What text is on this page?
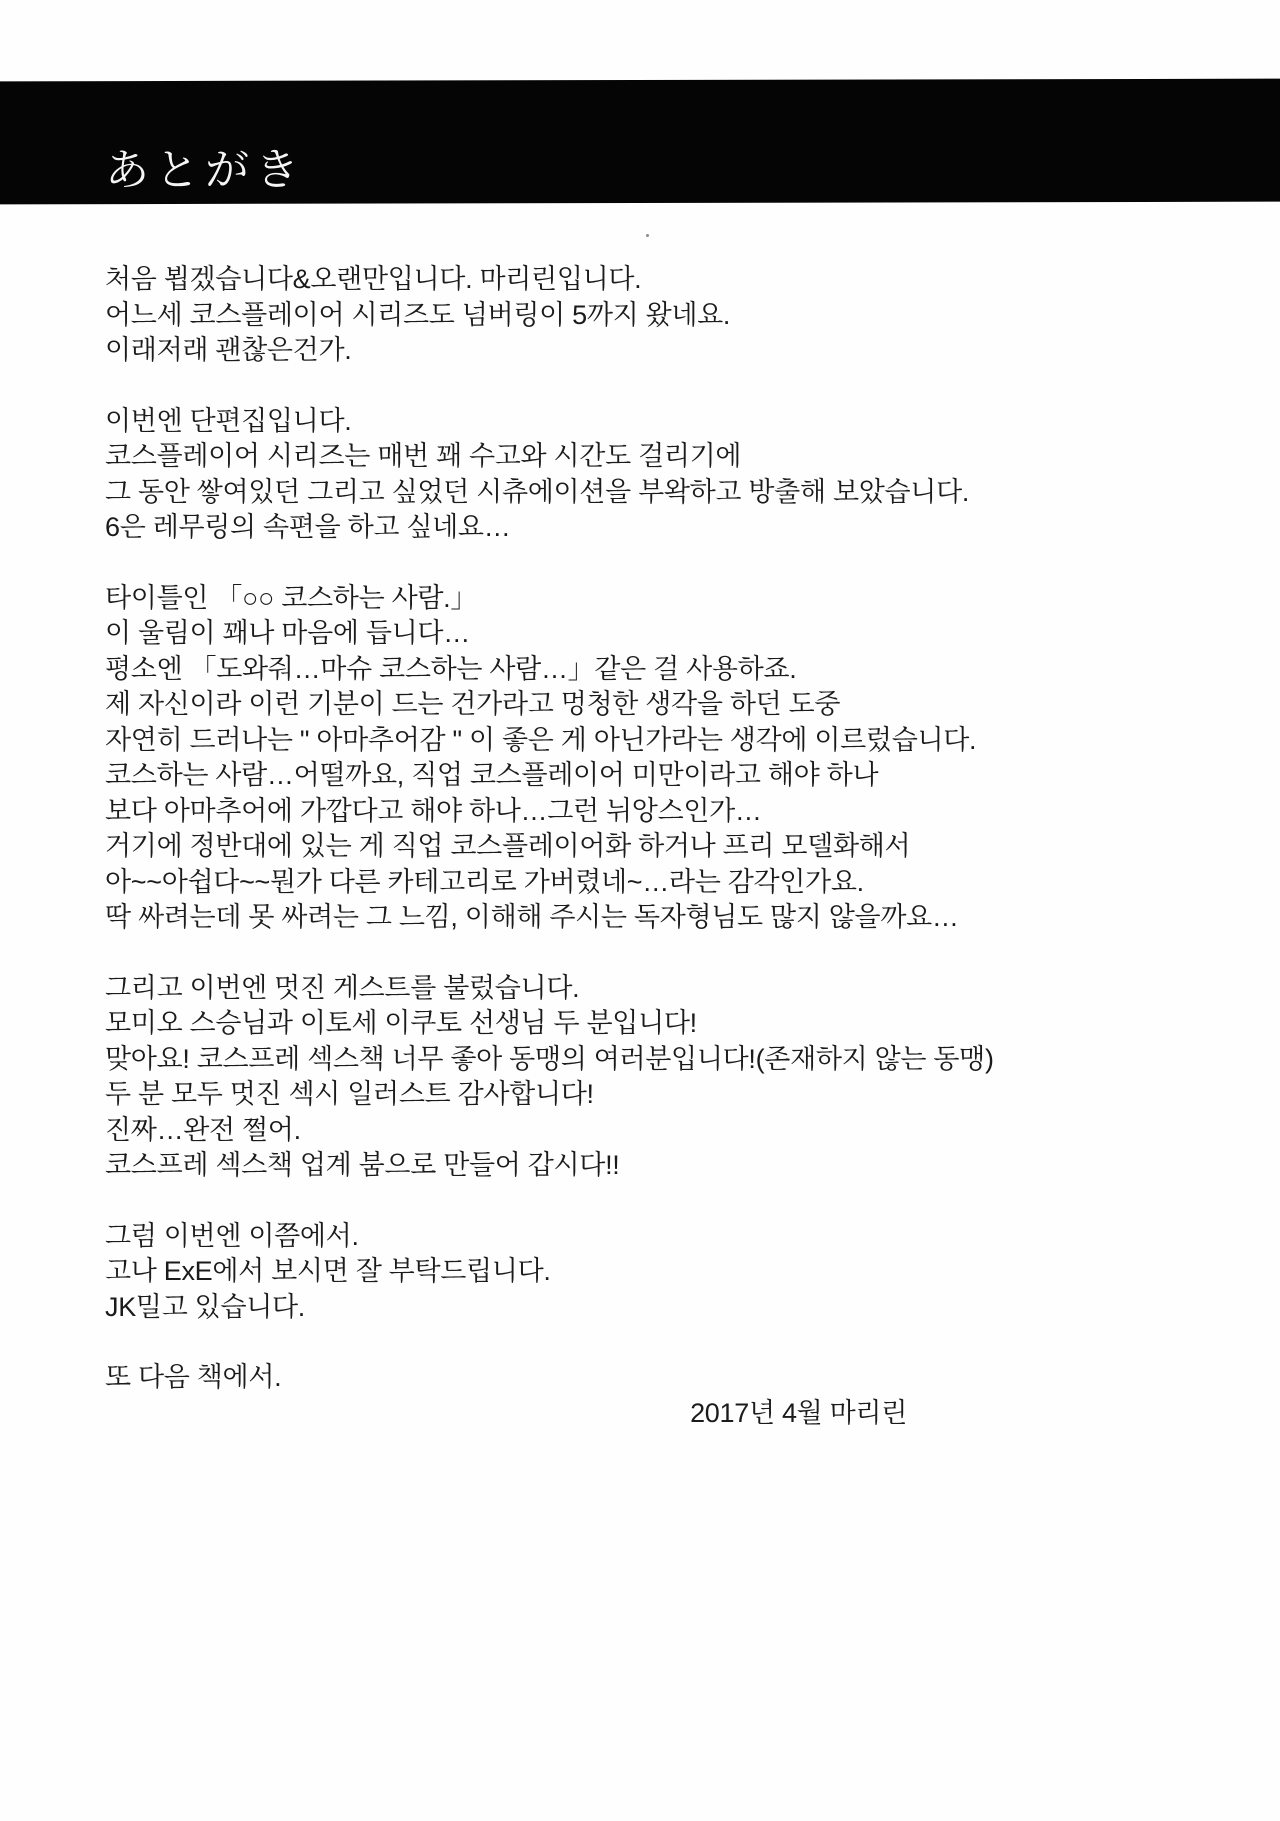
あとがき
처음 뵙겠습니다&오랜만입니다. 마리린입니다.
어느세 코스플레이어 시리즈도 넘버링이 5까지 왔네요.
이래저래 괜찮은건가.
이번엔 단편집입니다.
코스플레이어 시리즈는 매번 꽤 수고와 시간도 걸리기에
그 동안 쌓여있던 그리고 싶었던 시츄에이션을 부왁하고 방출해 보았습니다.
6은 레무링의 속편을 하고 싶네요…
타이틀인 「○○ 코스하는 사람.」
이 울림이 꽤나 마음에 듭니다…
평소엔 「도와줘…마슈 코스하는 사람…」같은 걸 사용하죠.
제 자신이라 이런 기분이 드는 건가라고 멍청한 생각을 하던 도중
자연히 드러나는 " 아마추어감 " 이 좋은 게 아닌가라는 생각에 이르렀습니다.
코스하는 사람…어떨까요, 직업 코스플레이어 미만이라고 해야 하나
보다 아마추어에 가깝다고 해야 하나…그런 뉘앙스인가…
거기에 정반대에 있는 게 직업 코스플레이어화 하거나 프리 모델화해서
아~~아쉽다~~뭔가 다른 카테고리로 가버렸네~…라는 감각인가요.
딱 싸려는데 못 싸려는 그 느낌, 이해해 주시는 독자형님도 많지 않을까요…
그리고 이번엔 멋진 게스트를 불렀습니다.
모미오 스승님과 이토세 이쿠토 선생님 두 분입니다!
맞아요! 코스프레 섹스책 너무 좋아 동맹의 여러분입니다!(존재하지 않는 동맹)
두 분 모두 멋진 섹시 일러스트 감사합니다!
진짜…완전 쩔어.
코스프레 섹스책 업계 붐으로 만들어 갑시다!!
그럼 이번엔 이쯤에서.
고나 ExE에서 보시면 잘 부탁드립니다.
JK밀고 있습니다.
또 다음 책에서.
2017년 4월 마리린
